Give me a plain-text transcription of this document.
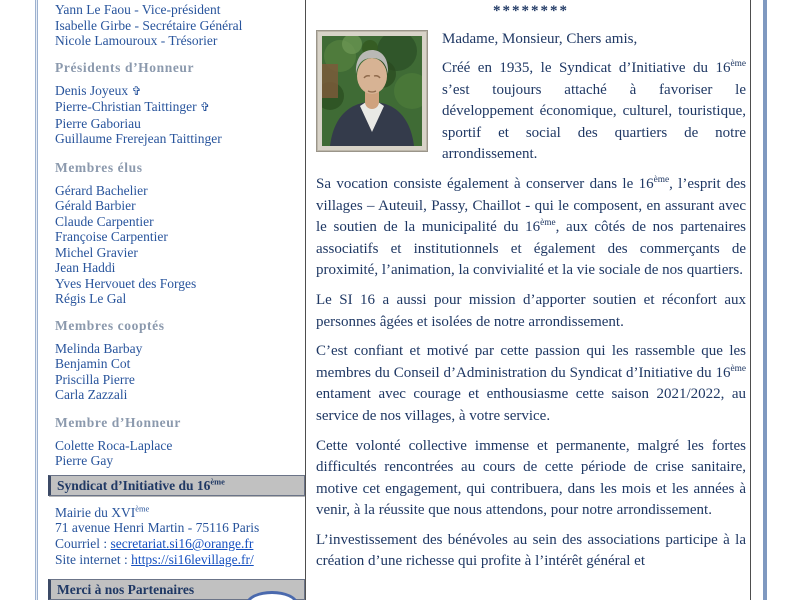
Yann Le Faou - Vice-président
Isabelle Girbe - Secrétaire Général
Nicole Lamouroux - Trésorier
Présidents d’Honneur
Denis Joyeux ✞
Pierre-Christian Taittinger ✞
Pierre Gaboriau
Guillaume Frerejean Taittinger
Membres élus
Gérard Bachelier
Gérald Barbier
Claude Carpentier
Françoise Carpentier
Michel Gravier
Jean Haddi
Yves Hervouet des Forges
Régis Le Gal
Membres cooptés
Melinda Barbay
Benjamin Cot
Priscilla Pierre
Carla Zazzali
Membre d’Honneur
Colette Roca-Laplace
Pierre Gay
Syndicat d’Initiative du 16ème
Mairie du XVIème
71 avenue Henri Martin - 75116 Paris
Courriel : secretariat.si16@orange.fr
Site internet : https://si16levillage.fr/
Merci à nos Partenaires
********

Madame, Monsieur, Chers amis,

Créé en 1935, le Syndicat d’Initiative du 16ème s’est toujours attaché à favoriser le développement économique, culturel, touristique, sportif et social des quartiers de notre arrondissement.

Sa vocation consiste également à conserver dans le 16ème, l’esprit des villages – Auteuil, Passy, Chaillot - qui le composent, en assurant avec le soutien de la municipalité du 16ème, aux côtés de nos partenaires associatifs et institutionnels et également des commerçants de proximité, l’animation, la convivialité et la vie sociale de nos quartiers.

Le SI 16 a aussi pour mission d’apporter soutien et réconfort aux personnes âgées et isolées de notre arrondissement.

C’est confiant et motivé par cette passion qui les rassemble que les membres du Conseil d’Administration du Syndicat d’Initiative du 16ème entament avec courage et enthousiasme cette saison 2021/2022, au service de nos villages, à votre service.

Cette volonté collective immense et permanente, malgré les fortes difficultés rencontrées au cours de cette période de crise sanitaire, motive cet engagement, qui contribuera, dans les mois et les années à venir, à la réussite que nous attendons, pour notre arrondissement.

L’investissement des bénévoles au sein des associations participe à la création d’une richesse qui profite à l’intérêt général et
